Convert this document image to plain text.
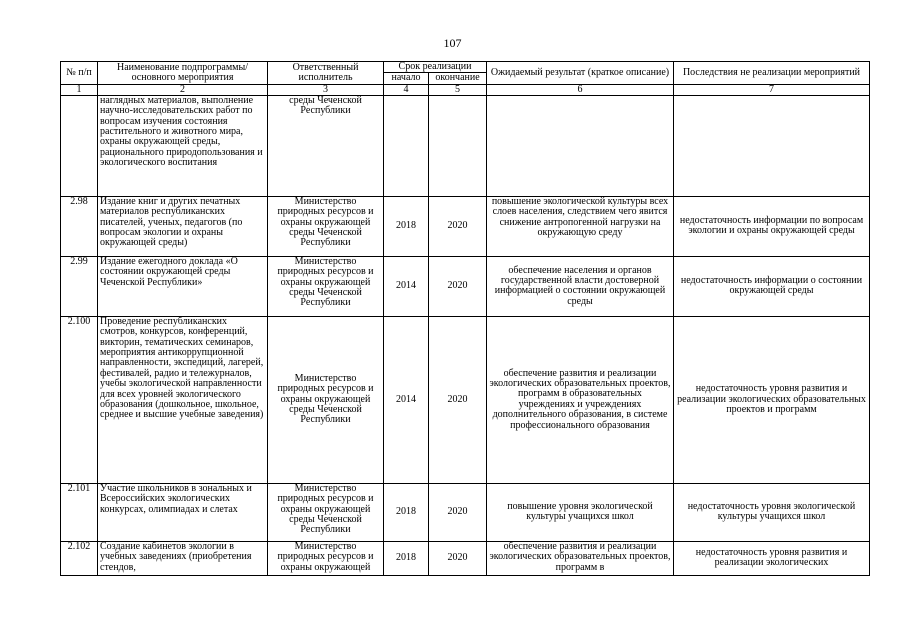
107
№ п/п	Наименование подпрограммы/ основного мероприятия	Ответственный исполнитель	Срок реализации		Ожидаемый результат (краткое описание)	Последствия не реализации мероприятий
			начало	окончание		
1	2	3	4	5	6	7
	наглядных материалов, выполнение научно-исследовательских работ по вопросам изучения состояния растительного и животного мира, охраны окружающей среды, рационального природопользования и экологического воспитания	среды Чеченской Республики				
2.98	Издание книг и других печатных материалов республиканских писателей, ученых, педагогов (по вопросам экологии и охраны окружающей среды)	Министерство природных ресурсов и охраны окружающей среды Чеченской Республики	2018	2020	повышение экологической культуры всех слоев населения, следствием чего явится снижение антропогенной нагрузки на окружающую среду	недостаточность информации по вопросам экологии и охраны окружающей среды
2.99	Издание ежегодного доклада «О состоянии окружающей среды Чеченской Республики»	Министерство природных ресурсов и охраны окружающей среды Чеченской Республики	2014	2020	обеспечение населения и органов государственной власти достоверной информацией о состоянии окружающей среды	недостаточность информации о состоянии окружающей среды
2.100	Проведение республиканских смотров, конкурсов, конференций, викторин, тематических семинаров, мероприятия антикоррупционной направленности, экспедиций, лагерей, фестивалей, радио и тележурналов, учебы экологической направленности для всех уровней экологического образования (дошкольное, школьное, среднее и высшие учебные заведения)	Министерство природных ресурсов и охраны окружающей среды Чеченской Республики	2014	2020	обеспечение развития и реализации экологических образовательных проектов, программ в образовательных учреждениях и учреждениях дополнительного образования, в системе профессионального образования	недостаточность уровня развития и реализации экологических образовательных проектов и программ
2.101	Участие школьников в зональных и Всероссийских экологических конкурсах, олимпиадах и слетах	Министерство природных ресурсов и охраны окружающей среды Чеченской Республики	2018	2020	повышение уровня экологической культуры учащихся школ	недостаточность уровня экологической культуры учащихся школ
2.102	Создание кабинетов экологии в учебных заведениях (приобретения стендов,	Министерство природных ресурсов и охраны окружающей	2018	2020	обеспечение развития и реализации экологических образовательных проектов, программ в	недостаточность уровня развития и реализации экологических
